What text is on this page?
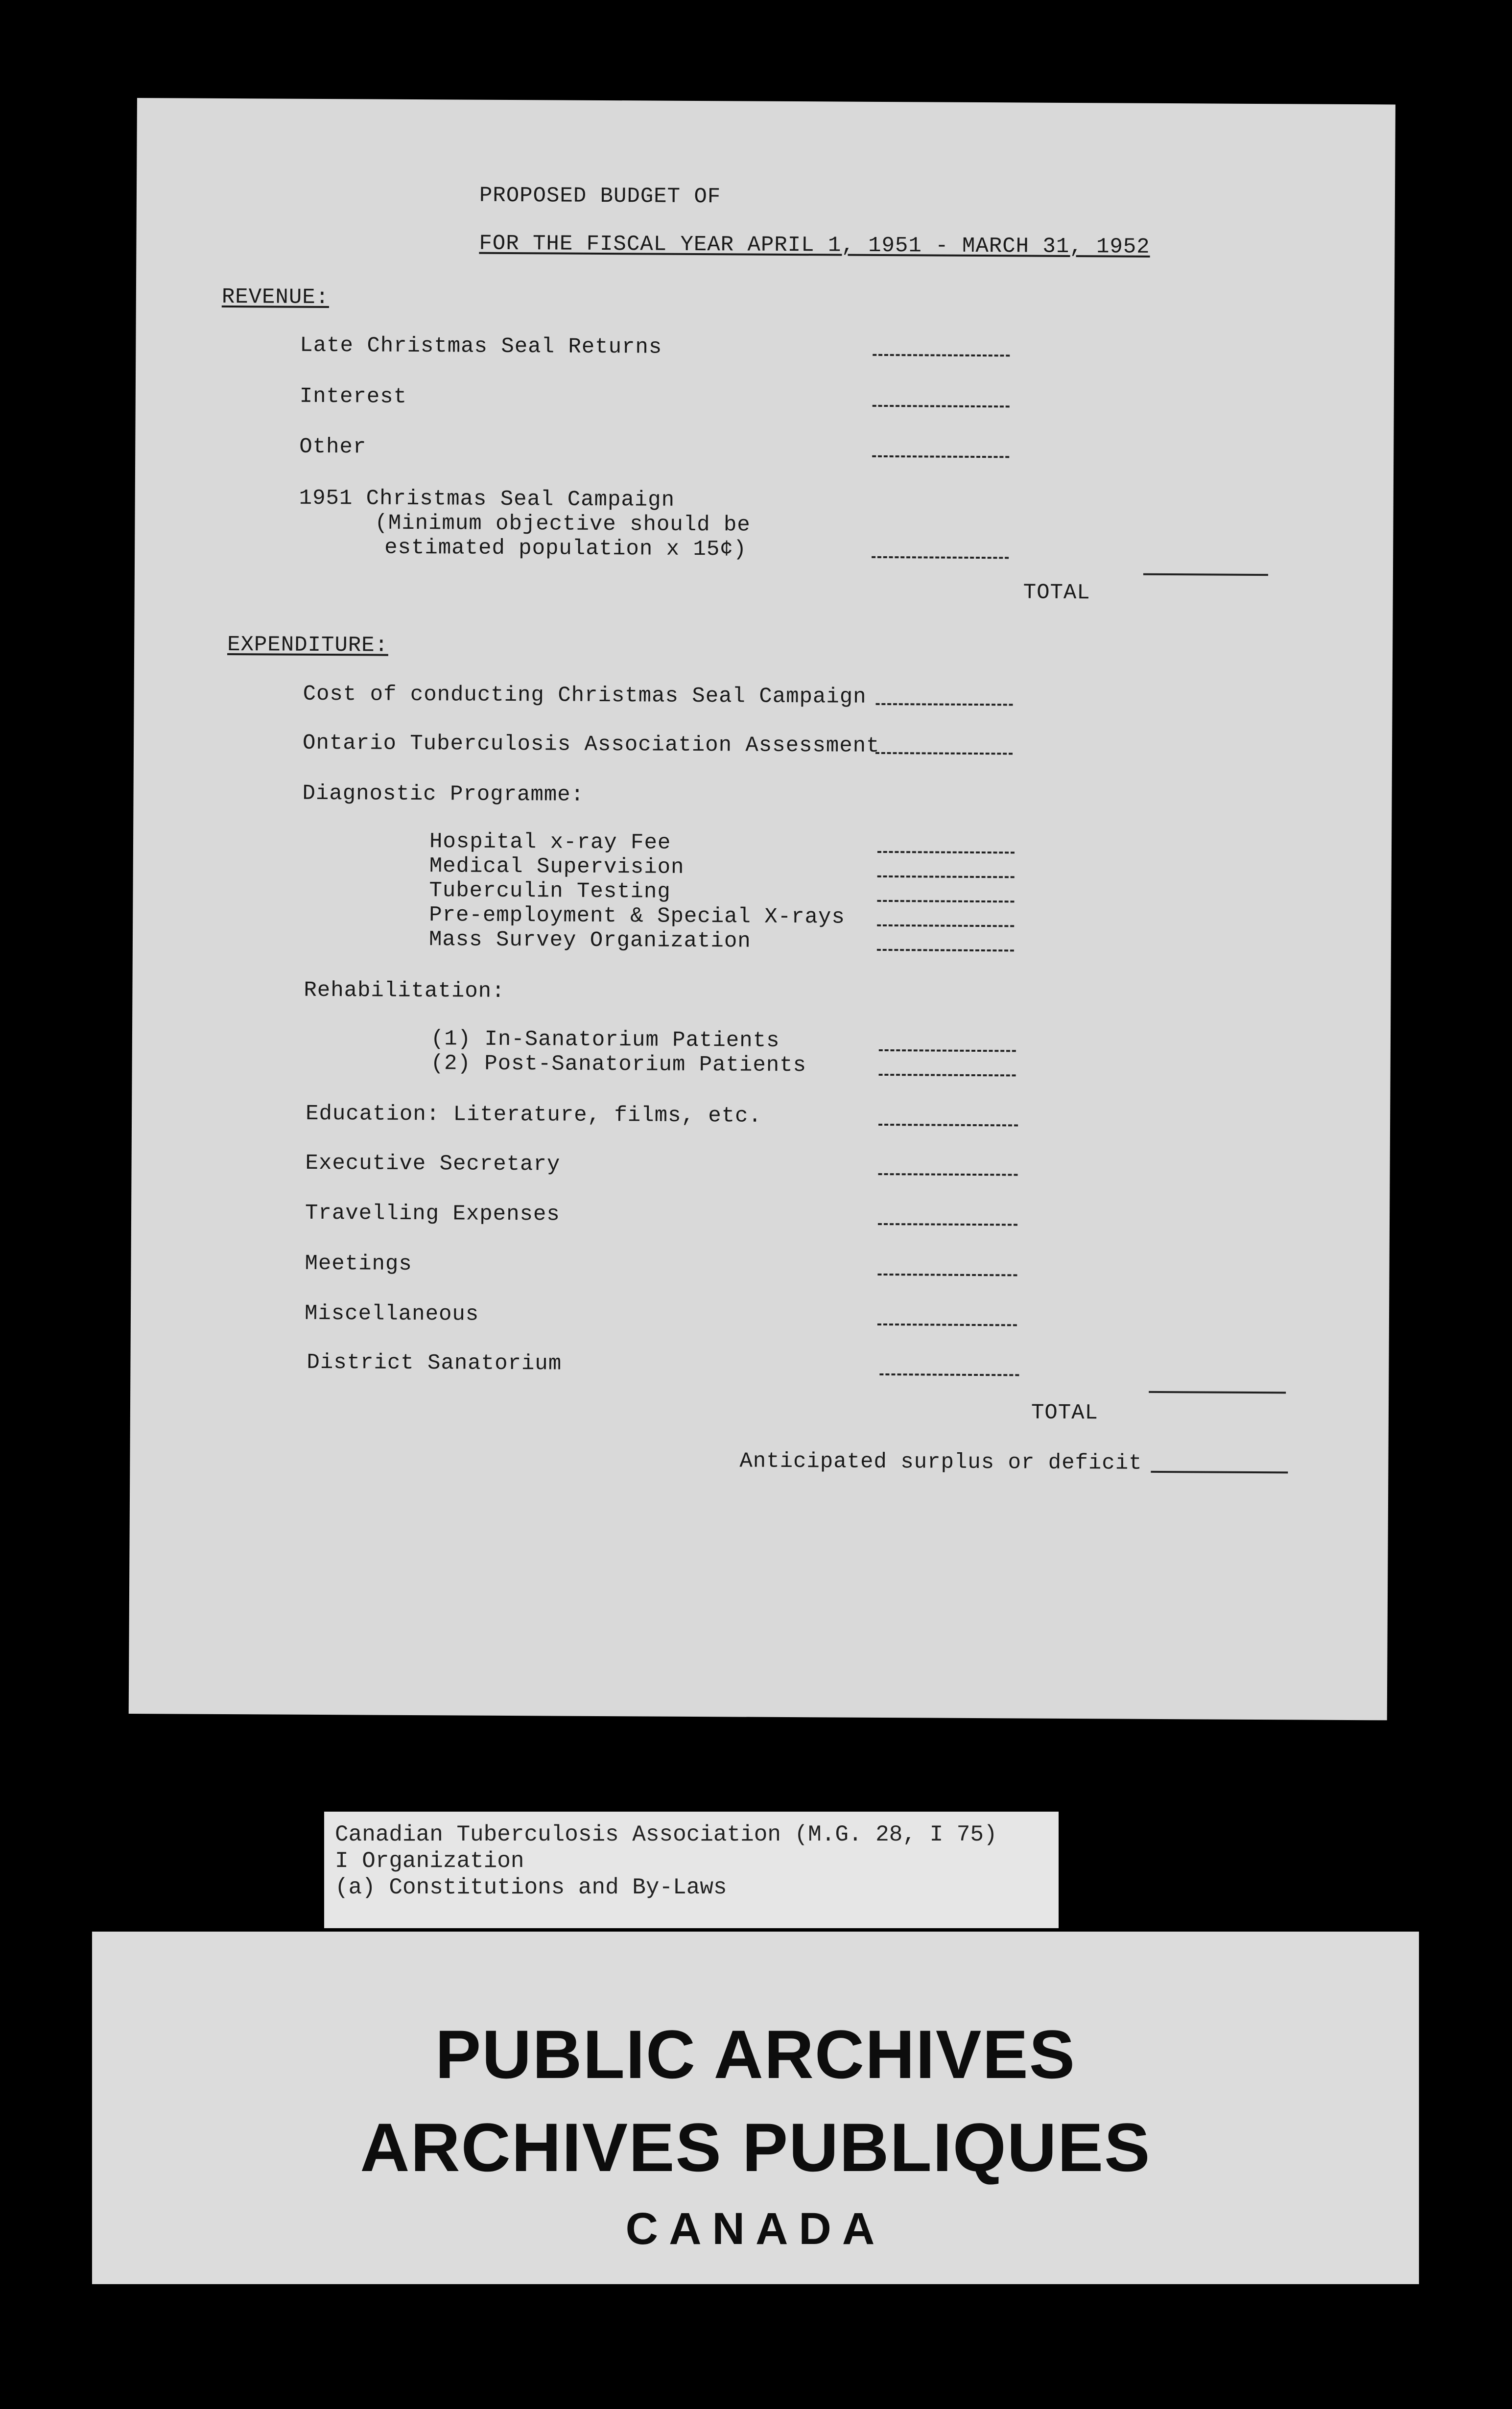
PROPOSED BUDGET OF
FOR THE FISCAL YEAR APRIL 1, 1951 - MARCH 31, 1952
REVENUE:
Late Christmas Seal Returns
Interest
Other
1951 Christmas Seal Campaign
(Minimum objective should be
estimated population x 15¢)
TOTAL
EXPENDITURE:
Cost of conducting Christmas Seal Campaign
Ontario Tuberculosis Association Assessment
Diagnostic Programme:
Hospital x-ray Fee
Medical Supervision
Tuberculin Testing
Pre-employment & Special X-rays
Mass Survey Organization
Rehabilitation:
(1) In-Sanatorium Patients
(2) Post-Sanatorium Patients
Education: Literature, films, etc.
Executive Secretary
Travelling Expenses
Meetings
Miscellaneous
District Sanatorium
TOTAL
Anticipated surplus or deficit
Canadian Tuberculosis Association (M.G. 28, I 75)
I Organization
(a) Constitutions and By-Laws
PUBLIC ARCHIVES
ARCHIVES PUBLIQUES
CANADA
